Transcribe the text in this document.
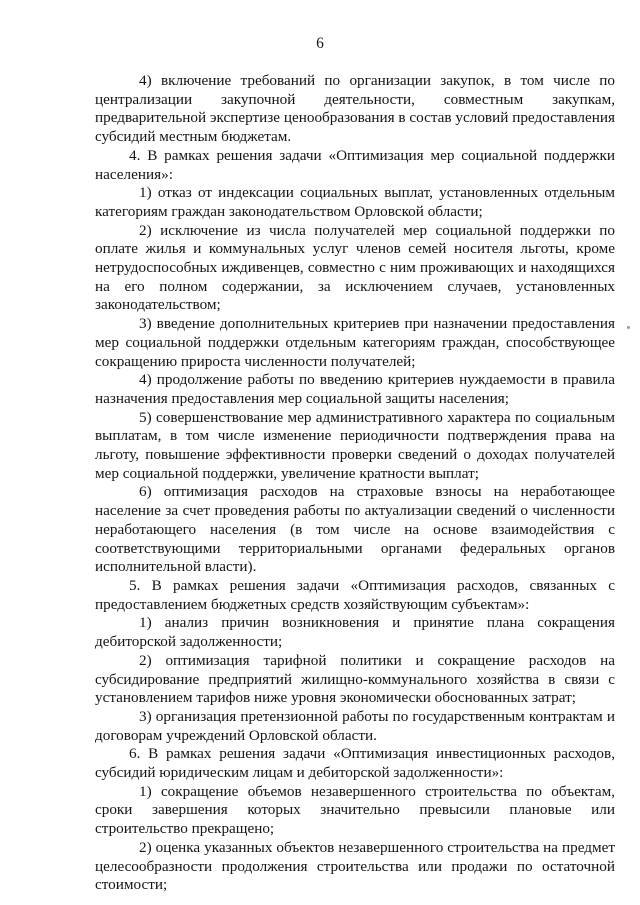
6

4) включение требований по организации закупок, в том числе по централизации закупочной деятельности, совместным закупкам, предварительной экспертизе ценообразования в состав условий предоставления субсидий местным бюджетам.

4. В рамках решения задачи «Оптимизация мер социальной поддержки населения»:

1) отказ от индексации социальных выплат, установленных отдельным категориям граждан законодательством Орловской области;

2) исключение из числа получателей мер социальной поддержки по оплате жилья и коммунальных услуг членов семей носителя льготы, кроме нетрудоспособных иждивенцев, совместно с ним проживающих и находящихся на его полном содержании, за исключением случаев, установленных законодательством;

3) введение дополнительных критериев при назначении предоставления мер социальной поддержки отдельным категориям граждан, способствующее сокращению прироста численности получателей;

4) продолжение работы по введению критериев нуждаемости в правила назначения предоставления мер социальной защиты населения;

5) совершенствование мер административного характера по социальным выплатам, в том числе изменение периодичности подтверждения права на льготу, повышение эффективности проверки сведений о доходах получателей мер социальной поддержки, увеличение кратности выплат;

6) оптимизация расходов на страховые взносы на неработающее население за счет проведения работы по актуализации сведений о численности неработающего населения (в том числе на основе взаимодействия с соответствующими территориальными органами федеральных органов исполнительной власти).

5. В рамках решения задачи «Оптимизация расходов, связанных с предоставлением бюджетных средств хозяйствующим субъектам»:

1) анализ причин возникновения и принятие плана сокращения дебиторской задолженности;

2) оптимизация тарифной политики и сокращение расходов на субсидирование предприятий жилищно-коммунального хозяйства в связи с установлением тарифов ниже уровня экономически обоснованных затрат;

3) организация претензионной работы по государственным контрактам и договорам учреждений Орловской области.

6. В рамках решения задачи «Оптимизация инвестиционных расходов, субсидий юридическим лицам и дебиторской задолженности»:

1) сокращение объемов незавершенного строительства по объектам, сроки завершения которых значительно превысили плановые или строительство прекращено;

2) оценка указанных объектов незавершенного строительства на предмет целесообразности продолжения строительства или продажи по остаточной стоимости;
